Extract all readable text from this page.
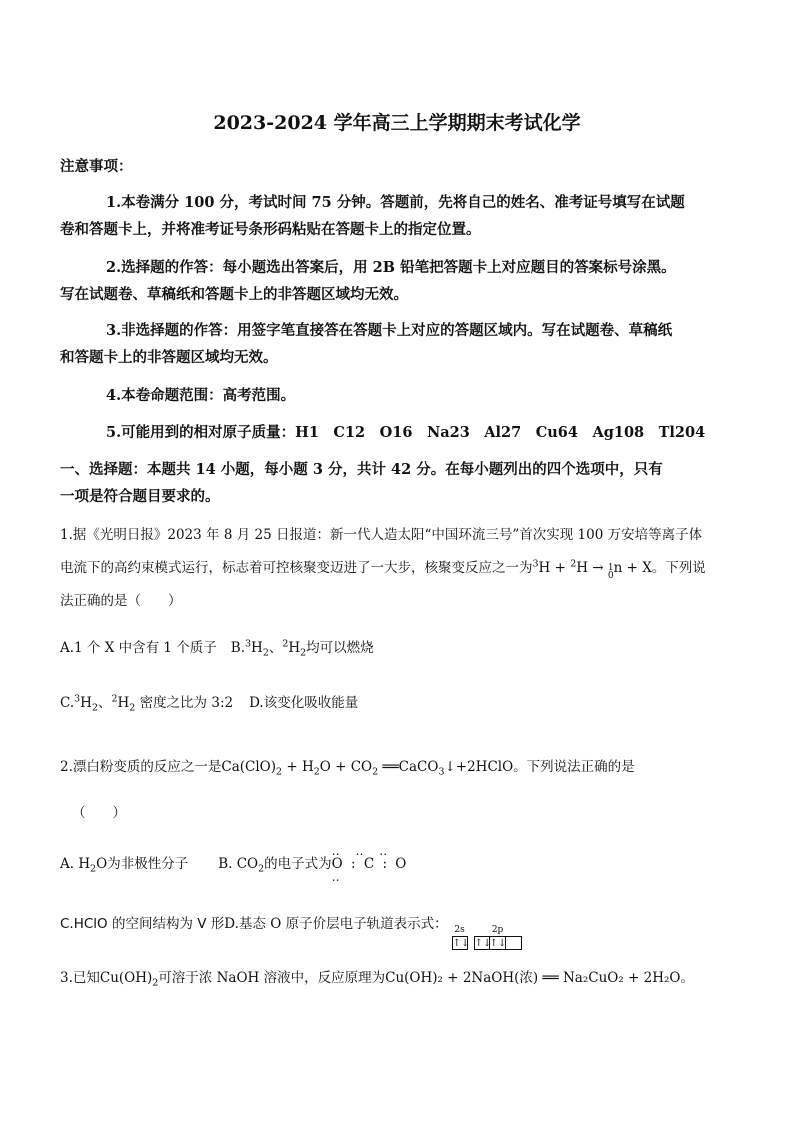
2023-2024 学年高三上学期期末考试化学
注意事项：
1.本卷满分 100 分，考试时间 75 分钟。答题前，先将自己的姓名、准考证号填写在试题
卷和答题卡上，并将准考证号条形码粘贴在答题卡上的指定位置。
2.选择题的作答：每小题选出答案后，用 2B 铅笔把答题卡上对应题目的答案标号涂黑。
写在试题卷、草稿纸和答题卡上的非答题区域均无效。
3.非选择题的作答：用签字笔直接答在答题卡上对应的答题区域内。写在试题卷、草稿纸
和答题卡上的非答题区域均无效。
4.本卷命题范围：高考范围。
5.可能用到的相对原子质量：H1　C12　O16　Na23　Al27　Cu64　Ag108　Tl204
一、选择题：本题共 14 小题，每小题 3 分，共计 42 分。在每小题列出的四个选项中，只有
一项是符合题目要求的。
1.据《光明日报》2023 年 8 月 25 日报道：新一代人造太阳“中国环流三号”首次实现 100 万安培等离子体
电流下的高约束模式运行，标志着可控核聚变迈进了一大步，核聚变反应之一为$^3$H + $^2$H → 1
0 n + X。下列说
法正确的是（　　）
A.1 个 X 中含有 1 个质子 $B.^3H_2$、$^2H_2$均可以燃烧
$C.^3H_2$、$^2H_2$ 密度之比为 3:2 D.该变化吸收能量
2.漂白粉变质的反应之一是$Ca(ClO)_2 + H_2O + CO_2$ ══CaCO$_3$↓+2HClO。下列说法正确的是
（　　）
A. $H_2O$为非极性分子 B. $CO_2$的电子式为
‥ ‥ ‥
O : C : O
‥
C.HClO 的空间结构为 V 形D.基态 O 原子价层电子轨道表示式： 2s	2p
↑↓ ↑↓
↑↓
3.已知$Cu(OH)_2$可溶于浓 NaOH 溶液中，反应原理为Cu(OH)₂ + 2NaOH(浓) ══ Na₂CuO₂ + 2H₂O。
